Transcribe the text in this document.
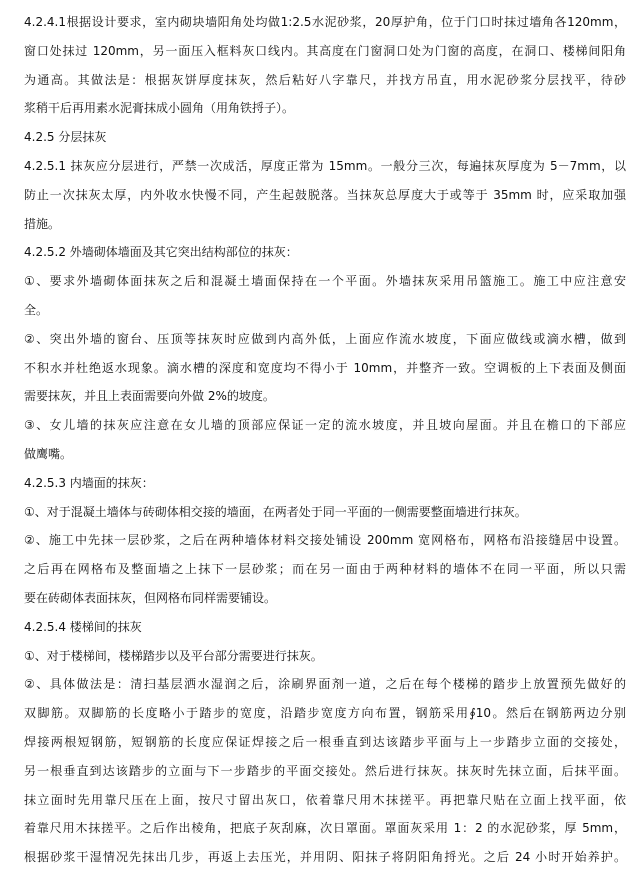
4.2.4.1根据设计要求，室内砌块墙阳角处均做1:2.5水泥砂浆，20厚护角，位于门口时抹过墙角各120mm，
窗口处抹过 120mm，另一面压入框料灰口线内。其高度在门窗洞口处为门窗的高度，在洞口、楼梯间阳角
为通高。其做法是：根据灰饼厚度抹灰，然后粘好八字靠尺，并找方吊直，用水泥砂浆分层找平，待砂
浆稍干后再用素水泥膏抹成小圆角（用角铁捋子）。
4.2.5 分层抹灰
4.2.5.1 抹灰应分层进行，严禁一次成活，厚度正常为 15mm。一般分三次，每遍抹灰厚度为 5－7mm，以
防止一次抹灰太厚，内外收水快慢不同，产生起鼓脱落。当抹灰总厚度大于或等于 35mm 时，应采取加强
措施。
4.2.5.2 外墙砌体墙面及其它突出结构部位的抹灰：
①、要求外墙砌体面抹灰之后和混凝土墙面保持在一个平面。外墙抹灰采用吊篮施工。施工中应注意安
全。
②、突出外墙的窗台、压顶等抹灰时应做到内高外低，上面应作流水坡度，下面应做线或滴水槽，做到
不积水并杜绝返水现象。滴水槽的深度和宽度均不得小于 10mm，并整齐一致。空调板的上下表面及侧面
需要抹灰，并且上表面需要向外做 2%的坡度。
③、女儿墙的抹灰应注意在女儿墙的顶部应保证一定的流水坡度，并且坡向屋面。并且在檐口的下部应
做鹰嘴。
4.2.5.3 内墙面的抹灰：
①、对于混凝土墙体与砖砌体相交接的墙面，在两者处于同一平面的一侧需要整面墙进行抹灰。
②、施工中先抹一层砂浆，之后在两种墙体材料交接处铺设 200mm 宽网格布，网格布沿接缝居中设置。
之后再在网格布及整面墙之上抹下一层砂浆；而在另一面由于两种材料的墙体不在同一平面，所以只需
要在砖砌体表面抹灰，但网格布同样需要铺设。
4.2.5.4 楼梯间的抹灰
①、对于楼梯间，楼梯踏步以及平台部分需要进行抹灰。
②、具体做法是：清扫基层洒水湿润之后，涂刷界面剂一道，之后在每个楼梯的踏步上放置预先做好的
双脚筋。双脚筋的长度略小于踏步的宽度，沿踏步宽度方向布置，钢筋采用∮10。然后在钢筋两边分别
焊接两根短钢筋，短钢筋的长度应保证焊接之后一根垂直到达该踏步平面与上一步踏步立面的交接处，
另一根垂直到达该踏步的立面与下一步踏步的平面交接处。然后进行抹灰。抹灰时先抹立面，后抹平面。
抹立面时先用靠尺压在上面，按尺寸留出灰口，依着靠尺用木抹搓平。再把靠尺贴在立面上找平面，依
着靠尺用木抹搓平。之后作出棱角，把底子灰刮麻，次日罩面。罩面灰采用 1：2 的水泥砂浆，厚 5mm，
根据砂浆干湿情况先抹出几步，再返上去压光，并用阴、阳抹子将阴阳角捋光。之后 24 小时开始养护。
